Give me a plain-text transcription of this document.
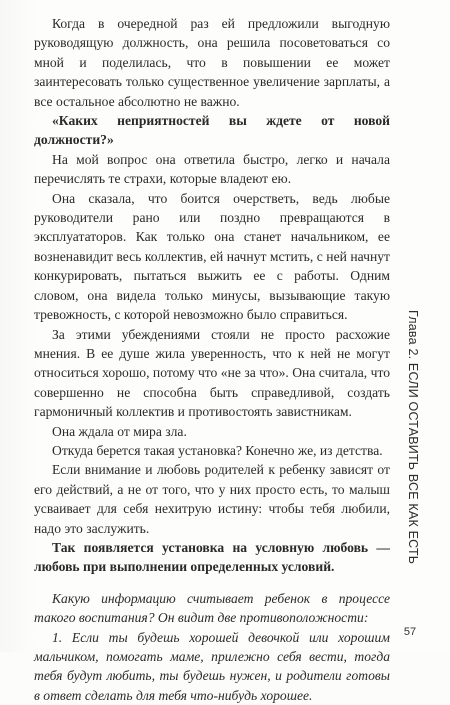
Когда в очередной раз ей предложили выгодную руководящую должность, она решила посоветоваться со мной и поделилась, что в повышении ее может заинтересовать только существенное увеличение зарплаты, а все остальное абсолютно не важно.

«Каких неприятностей вы ждете от новой должности?»

На мой вопрос она ответила быстро, легко и начала перечислять те страхи, которые владеют ею.

Она сказала, что боится очерстветь, ведь любые руководители рано или поздно превращаются в эксплуататоров. Как только она станет начальником, ее возненавидит весь коллектив, ей начнут мстить, с ней начнут конкурировать, пытаться выжить ее с работы. Одним словом, она видела только минусы, вызывающие такую тревожность, с которой невозможно было справиться.

За этими убеждениями стояли не просто расхожие мнения. В ее душе жила уверенность, что к ней не могут относиться хорошо, потому что «не за что». Она считала, что совершенно не способна быть справедливой, создать гармоничный коллектив и противостоять завистникам.

Она ждала от мира зла.

Откуда берется такая установка? Конечно же, из детства.

Если внимание и любовь родителей к ребенку зависят от его действий, а не от того, что у них просто есть, то малыш усваивает для себя нехитрую истину: чтобы тебя любили, надо это заслужить.

Так появляется установка на условную любовь — любовь при выполнении определенных условий.

Какую информацию считывает ребенок в процессе такого воспитания? Он видит две противоположности:

1. Если ты будешь хорошей девочкой или хорошим мальчиком, помогать маме, прилежно себя вести, тогда тебя будут любить, ты будешь нужен, и родители готовы в ответ сделать для тебя что-нибудь хорошее.

Глава 2. ЕСЛИ ОСТАВИТЬ ВСЕ КАК ЕСТЬ
57
